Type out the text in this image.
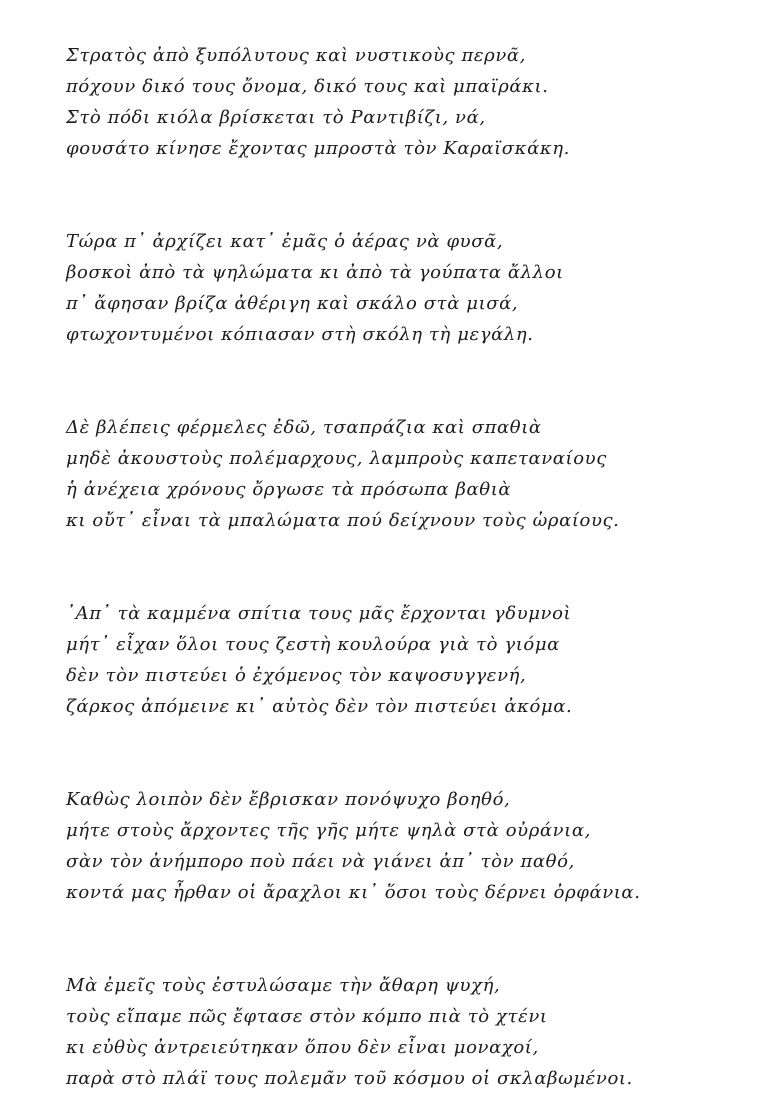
Στρατὸς ἀπὸ ξυπόλυτους καὶ νυστικοὺς περνᾶ,
πόχουν δικό τους ὄνομα, δικό τους καὶ μπαϊράκι.
Στὸ πόδι κιόλα βρίσκεται τὸ Ραντιβίζι, νά,
φουσάτο κίνησε ἔχοντας μπροστὰ τὸν Καραϊσκάκη.
Τώρα π᾽ ἀρχίζει κατ᾽ ἐμᾶς ὁ ἀέρας νὰ φυσᾶ,
βοσκοὶ ἀπὸ τὰ ψηλώματα κι ἀπὸ τὰ γούπατα ἄλλοι
π᾽ ἄφησαν βρίζα ἀθέριγη καὶ σκάλο στὰ μισά,
φτωχοντυμένοι κόπιασαν στὴ σκόλη τὴ μεγάλη.
Δὲ βλέπεις φέρμελες ἐδῶ, τσαπράζια καὶ σπαθιὰ
μηδὲ ἀκουστοὺς πολέμαρχους, λαμπροὺς καπεταναίους
ἡ ἀνέχεια χρόνους ὄργωσε τὰ πρόσωπα βαθιὰ
κι οὔτ᾽ εἶναι τὰ μπαλώματα πού δείχνουν τοὺς ὡραίους.
᾽Απ᾽ τὰ καμμένα σπίτια τους μᾶς ἔρχονται γδυμνοὶ
μήτ᾽ εἶχαν ὅλοι τους ζεστὴ κουλούρα γιὰ τὸ γιόμα
δὲν τὸν πιστεύει ὁ ἐχόμενος τὸν καψοσυγγενή,
ζάρκος ἀπόμεινε κι᾽ αὐτὸς δὲν τὸν πιστεύει ἀκόμα.
Καθὼς λοιπὸν δὲν ἔβρισκαν πονόψυχο βοηθό,
μήτε στοὺς ἄρχοντες τῆς γῆς μήτε ψηλὰ στὰ οὐράνια,
σὰν τὸν ἀνήμπορο ποὺ πάει νὰ γιάνει ἀπ᾽ τὸν παθό,
κοντά μας ἦρθαν οἱ ἄραχλοι κι᾽ ὅσοι τοὺς δέρνει ὀρφάνια.
Μὰ ἐμεῖς τοὺς ἐστυλώσαμε τὴν ἄθαρη ψυχή,
τοὺς εἴπαμε πῶς ἔφτασε στὸν κόμπο πιὰ τὸ χτένι
κι εὐθὺς ἀντρειεύτηκαν ὅπου δὲν εἶναι μοναχοί,
παρὰ στὸ πλάϊ τους πολεμᾶν τοῦ κόσμου οἱ σκλαβωμένοι.
